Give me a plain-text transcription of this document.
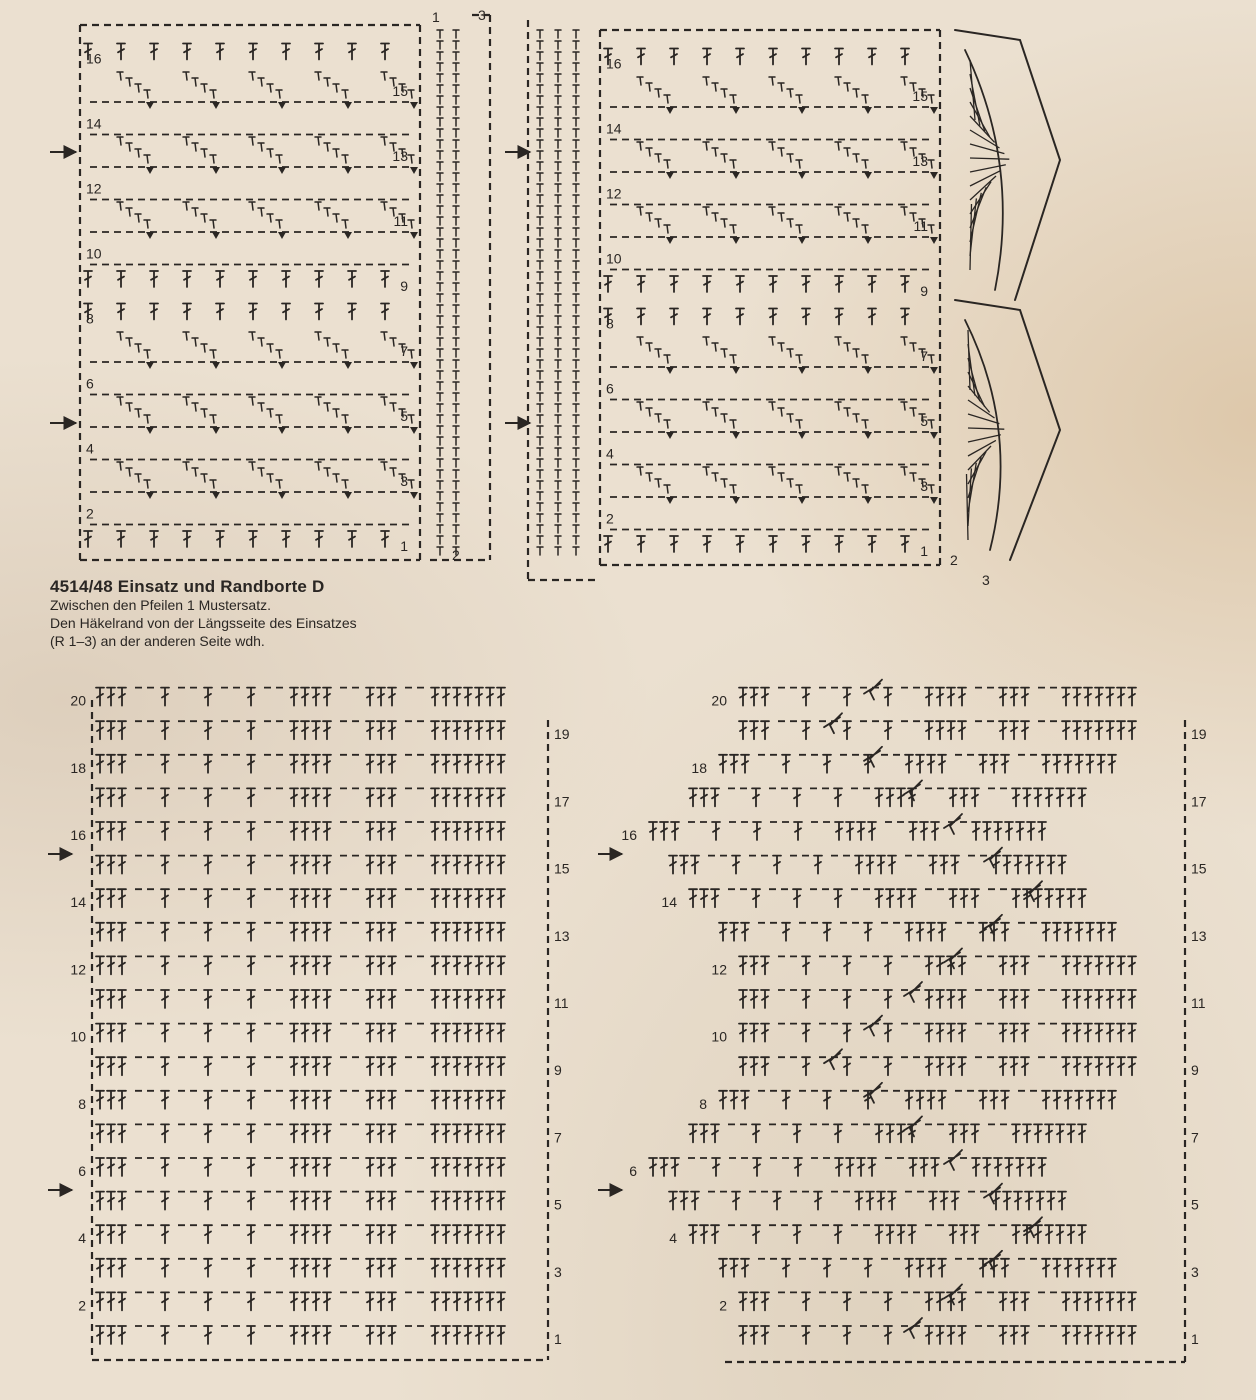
1
2
3
4
5
6
7
8
9
10
11
12
13
14
15
16
1
2
3
1
2
3
4
5
6
7
8
9
10
11
12
13
14
15
16
2
3
1
2
3
4
5
6
7
8
9
10
11
12
13
14
15
16
17
18
19
20
1
2
3
4
5
6
7
8
9
10
11
12
13
14
15
16
17
18
19
20
4514/48 Einsatz und Randborte D
Zwischen den Pfeilen 1 Mustersatz.
Den Häkelrand von der Längsseite des Einsatzes
(R 1–3) an der anderen Seite wdh.
